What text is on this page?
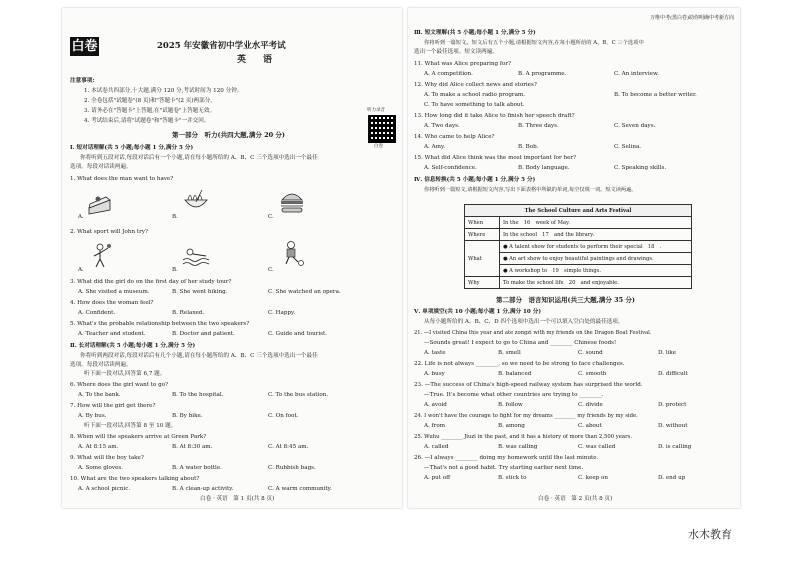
白卷	2025 年安徽省初中学业水平考试
英　语
注意事项:
1. 本试卷共四部分,十大题,满分 120 分,考试时间为 120 分钟。
2. 全卷包括"试题卷"(8 页)和"答题卡"(2 页)两部分。
3. 请务必在"答题卡"上答题,在"试题卷"上答题无效。
4. 考试结束后,请将"试题卷"和"答题卡"一并交回。
听力录音
白卷
第一部分　听力(共四大题,满分 20 分)
Ⅰ. 短对话理解(共 5 小题;每小题 1 分,满分 5 分)
你将听到五段对话,每段对话后有一个小题,请在每小题所给的 A、B、C 三个选项中选出一个最佳
选项。每段对话读两遍。
1. What does the man want to have?
A.	B.	C.
2. What sport will John try?
A.	B.	C.
3. What did the girl do on the first day of her study tour?
A. She visited a museum.	B. She went hiking.	C. She watched an opera.
4. How does the woman feel?
A. Confident.	B. Relaxed.	C. Happy.
5. What's the probable relationship between the two speakers?
A. Teacher and student.	B. Doctor and patient.	C. Guide and tourist.
Ⅱ. 长对话理解(共 5 小题;每小题 1 分,满分 5 分)
你将听到两段对话,每段对话后有几个小题,请在每小题所给的 A、B、C 三个选项中选出一个最佳
选项。每段对话读两遍。
听下面一段对话,回答第 6,7 题。
6. Where does the girl want to go?
A. To the bank.	B. To the hospital.	C. To the bus station.
7. How will the girl get there?
A. By bus.	B. By bike.	C. On foot.
听下面一段对话,回答第 8 至 10 题。
8. When will the speakers arrive at Green Park?
A. At 8:15 am.	B. At 8:30 am.	C. At 8:45 am.
9. What will the boy take?
A. Some gloves.	B. A water bottle.	C. Rubbish bags.
10. What are the two speakers talking about?
A. A school picnic.	B. A clean-up activity.	C. A warm community.
白卷 · 英语　第 1 页(共 8 页)
万唯中考(黑白卷)助你明确中考新方向
Ⅲ. 短文理解(共 5 小题;每小题 1 分,满分 5 分)
你将听到一篇短文。短文后有五个小题,请根据短文内容,在每小题所给的 A、B、C 三个选项中
选出一个最佳选项。短文读两遍。
11. What was Alice preparing for?
A. A competition.	B. A programme.	C. An interview.
12. Why did Alice collect news and stories?
A. To make a school radio program.	B. To become a better writer.
C. To have something to talk about.
13. How long did it take Alice to finish her speech draft?
A. Two days.	B. Three days.	C. Seven days.
14. Who came to help Alice?
A. Amy.	B. Bob.	C. Selina.
15. What did Alice think was the most important for her?
A. Self-confidence.	B. Body language.	C. Speaking skills.
Ⅳ. 信息转换(共 5 小题;每小题 1 分,满分 5 分)
你将听到一篇短文,请根据短文内容,写出下面表格中所缺的单词,每空仅填一词。短文读两遍。
The School Culture and Arts Festival	
When	In the　16　week of May.
Where	In the school　17　and the library.
What	● A talent show for students to perform their special　18　.
	● An art show to enjoy beautiful paintings and drawings.
	● A workshop to　19　simple things.
Why	To make the school life　20　and enjoyable.
第二部分　语言知识运用(共三大题,满分 35 分)
Ⅴ. 单项填空(共 10 小题;每小题 1 分,满分 10 分)
从每小题所给的 A、B、C、D 四个选项中选出一个可以填入空白处的最佳选项。
21. —I visited China this year and ate zongzi with my friends on the Dragon Boat Festival.
—Sounds great! I expect to go to China and ________ Chinese foods!
A. taste	B. smell	C. sound	D. like
22. Life is not always ________, so we need to be strong to face challenges.
A. busy	B. balanced	C. smooth	D. difficult
23. —The success of China's high-speed railway system has surprised the world.
—True. It's become what other countries are trying to ________.
A. avoid	B. follow	C. divide	D. protect
24. I won't have the courage to fight for my dreams ________ my friends by my side.
A. from	B. among	C. about	D. without
25. Wuhu ________ Jiuzi in the past, and it has a history of more than 2,500 years.
A. called	B. was calling	C. was called	D. is calling
26. —I always ________ doing my homework until the last minute.
—That's not a good habit. Try starting earlier next time.
A. put off	B. stick to	C. keep on	D. end up
白卷 · 英语　第 2 页(共 8 页)
水木教育
